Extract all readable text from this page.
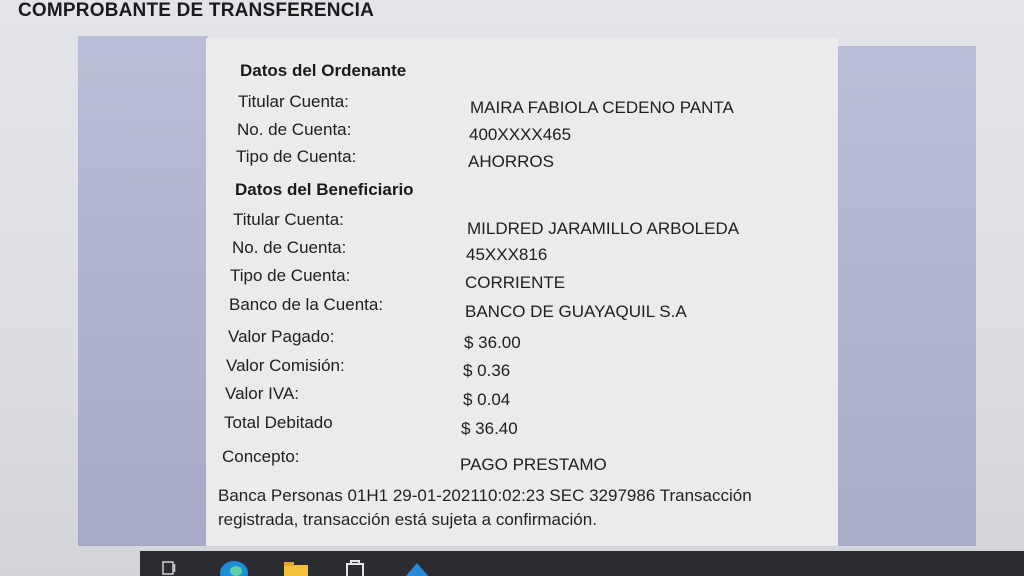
COMPROBANTE DE TRANSFERENCIA
Datos del Ordenante
Titular Cuenta:	MAIRA FABIOLA CEDENO PANTA
No. de Cuenta:	400XXXX465
Tipo de Cuenta:	AHORROS
Datos del Beneficiario
Titular Cuenta:	MILDRED JARAMILLO ARBOLEDA
No. de Cuenta:	45XXX816
Tipo de Cuenta:	CORRIENTE
Banco de la Cuenta:	BANCO DE GUAYAQUIL S.A
Valor Pagado:	$ 36.00
Valor Comisión:	$ 0.36
Valor IVA:	$ 0.04
Total Debitado	$ 36.40
Concepto:	PAGO PRESTAMO
Banca Personas 01H1 29-01-202110:02:23 SEC 3297986 Transacción
registrada, transacción está sujeta a confirmación.
